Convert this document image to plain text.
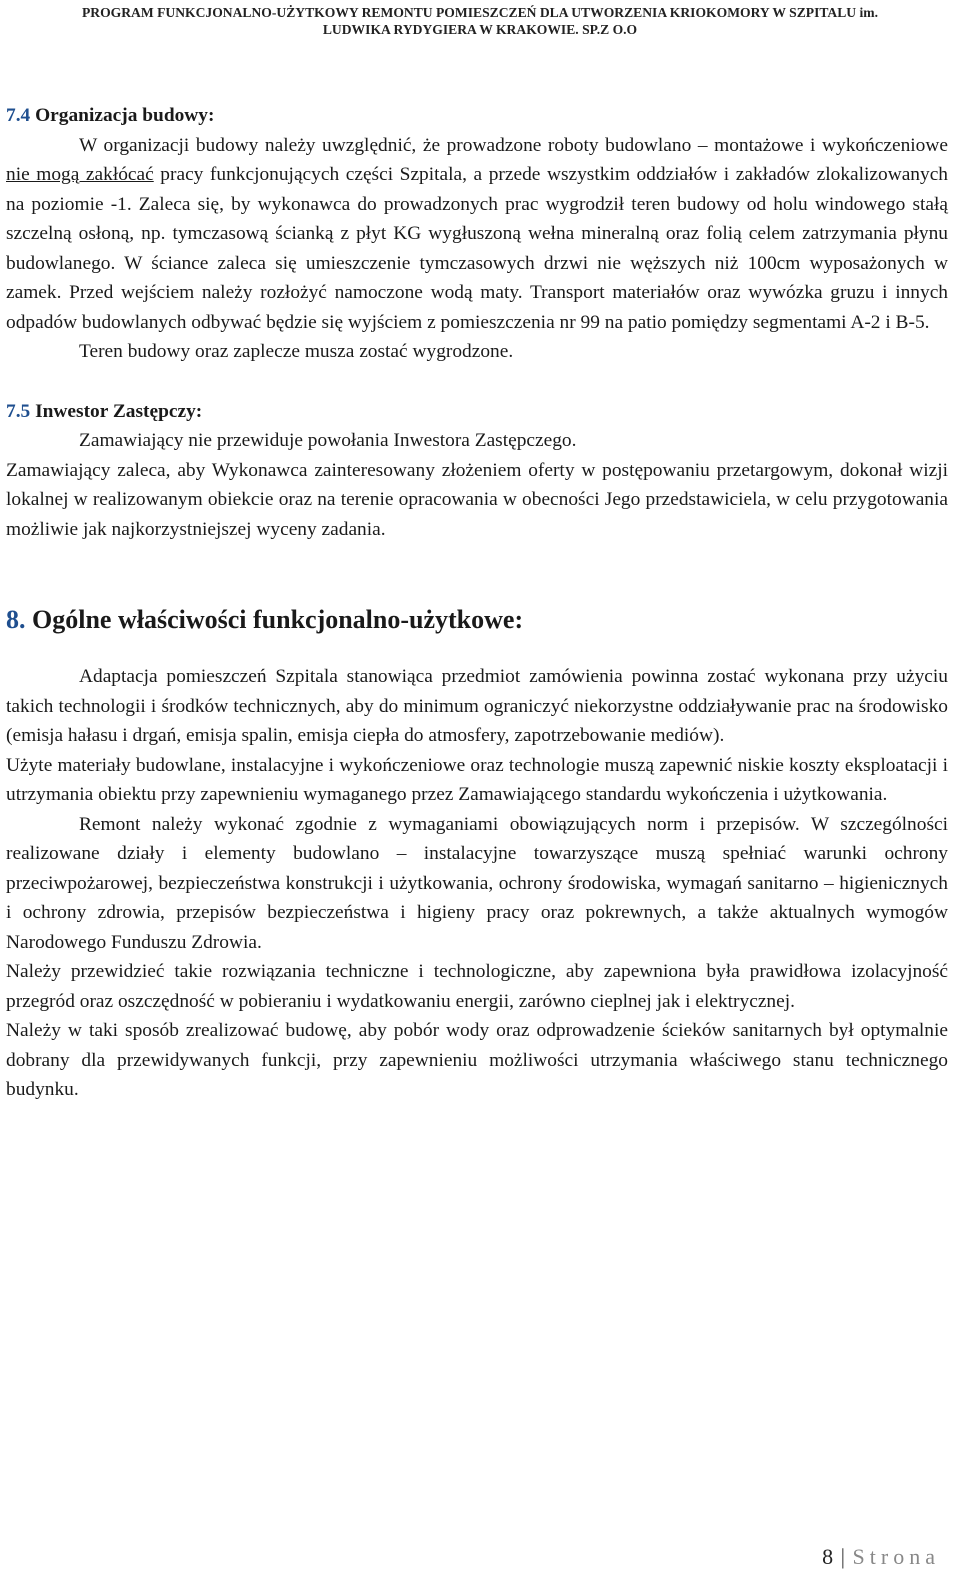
PROGRAM FUNKCJONALNO-UŻYTKOWY REMONTU POMIESZCZEŃ DLA UTWORZENIA KRIOKOMORY W SZPITALU im.
LUDWIKA RYDYGIERA W KRAKOWIE. SP.Z O.O
7.4 Organizacja budowy:

W organizacji budowy należy uwzględnić, że prowadzone roboty budowlano – montażowe i wykończeniowe nie mogą zakłócać pracy funkcjonujących części Szpitala, a przede wszystkim oddziałów i zakładów zlokalizowanych na poziomie -1. Zaleca się, by wykonawca do prowadzonych prac wygrodził teren budowy od holu windowego stałą szczelną osłoną, np. tymczasową ścianką z płyt KG wygłuszoną wełna mineralną oraz folią celem zatrzymania płynu budowlanego. W ściance zaleca się umieszczenie tymczasowych drzwi nie węższych niż 100cm wyposażonych w zamek. Przed wejściem należy rozłożyć namoczone wodą maty. Transport materiałów oraz wywózka gruzu i innych odpadów budowlanych odbywać będzie się wyjściem z pomieszczenia nr 99 na patio pomiędzy segmentami A-2 i B-5.

Teren budowy oraz zaplecze musza zostać wygrodzone.

7.5 Inwestor Zastępczy:

Zamawiający nie przewiduje powołania Inwestora Zastępczego.

Zamawiający zaleca, aby Wykonawca zainteresowany złożeniem oferty w postępowaniu przetargowym, dokonał wizji lokalnej w realizowanym obiekcie oraz na terenie opracowania w obecności Jego przedstawiciela, w celu przygotowania możliwie jak najkorzystniejszej wyceny zadania.

8. Ogólne właściwości funkcjonalno-użytkowe:

Adaptacja pomieszczeń Szpitala stanowiąca przedmiot zamówienia powinna zostać wykonana przy użyciu takich technologii i środków technicznych, aby do minimum ograniczyć niekorzystne oddziaływanie prac na środowisko (emisja hałasu i drgań, emisja spalin, emisja ciepła do atmosfery, zapotrzebowanie mediów).

Użyte materiały budowlane, instalacyjne i wykończeniowe oraz technologie muszą zapewnić niskie koszty eksploatacji i utrzymania obiektu przy zapewnieniu wymaganego przez Zamawiającego standardu wykończenia i użytkowania.

Remont należy wykonać zgodnie z wymaganiami obowiązujących norm i przepisów. W szczególności realizowane działy i elementy budowlano – instalacyjne towarzyszące muszą spełniać warunki ochrony przeciwpożarowej, bezpieczeństwa konstrukcji i użytkowania, ochrony środowiska, wymagań sanitarno – higienicznych i ochrony zdrowia, przepisów bezpieczeństwa i higieny pracy oraz pokrewnych, a także aktualnych wymogów Narodowego Funduszu Zdrowia.

Należy przewidzieć takie rozwiązania techniczne i technologiczne, aby zapewniona była prawidłowa izolacyjność przegród oraz oszczędność w pobieraniu i wydatkowaniu energii, zarówno cieplnej jak i elektrycznej.

Należy w taki sposób zrealizować budowę, aby pobór wody oraz odprowadzenie ścieków sanitarnych był optymalnie dobrany dla przewidywanych funkcji, przy zapewnieniu możliwości utrzymania właściwego stanu technicznego budynku.

8 | Strona
